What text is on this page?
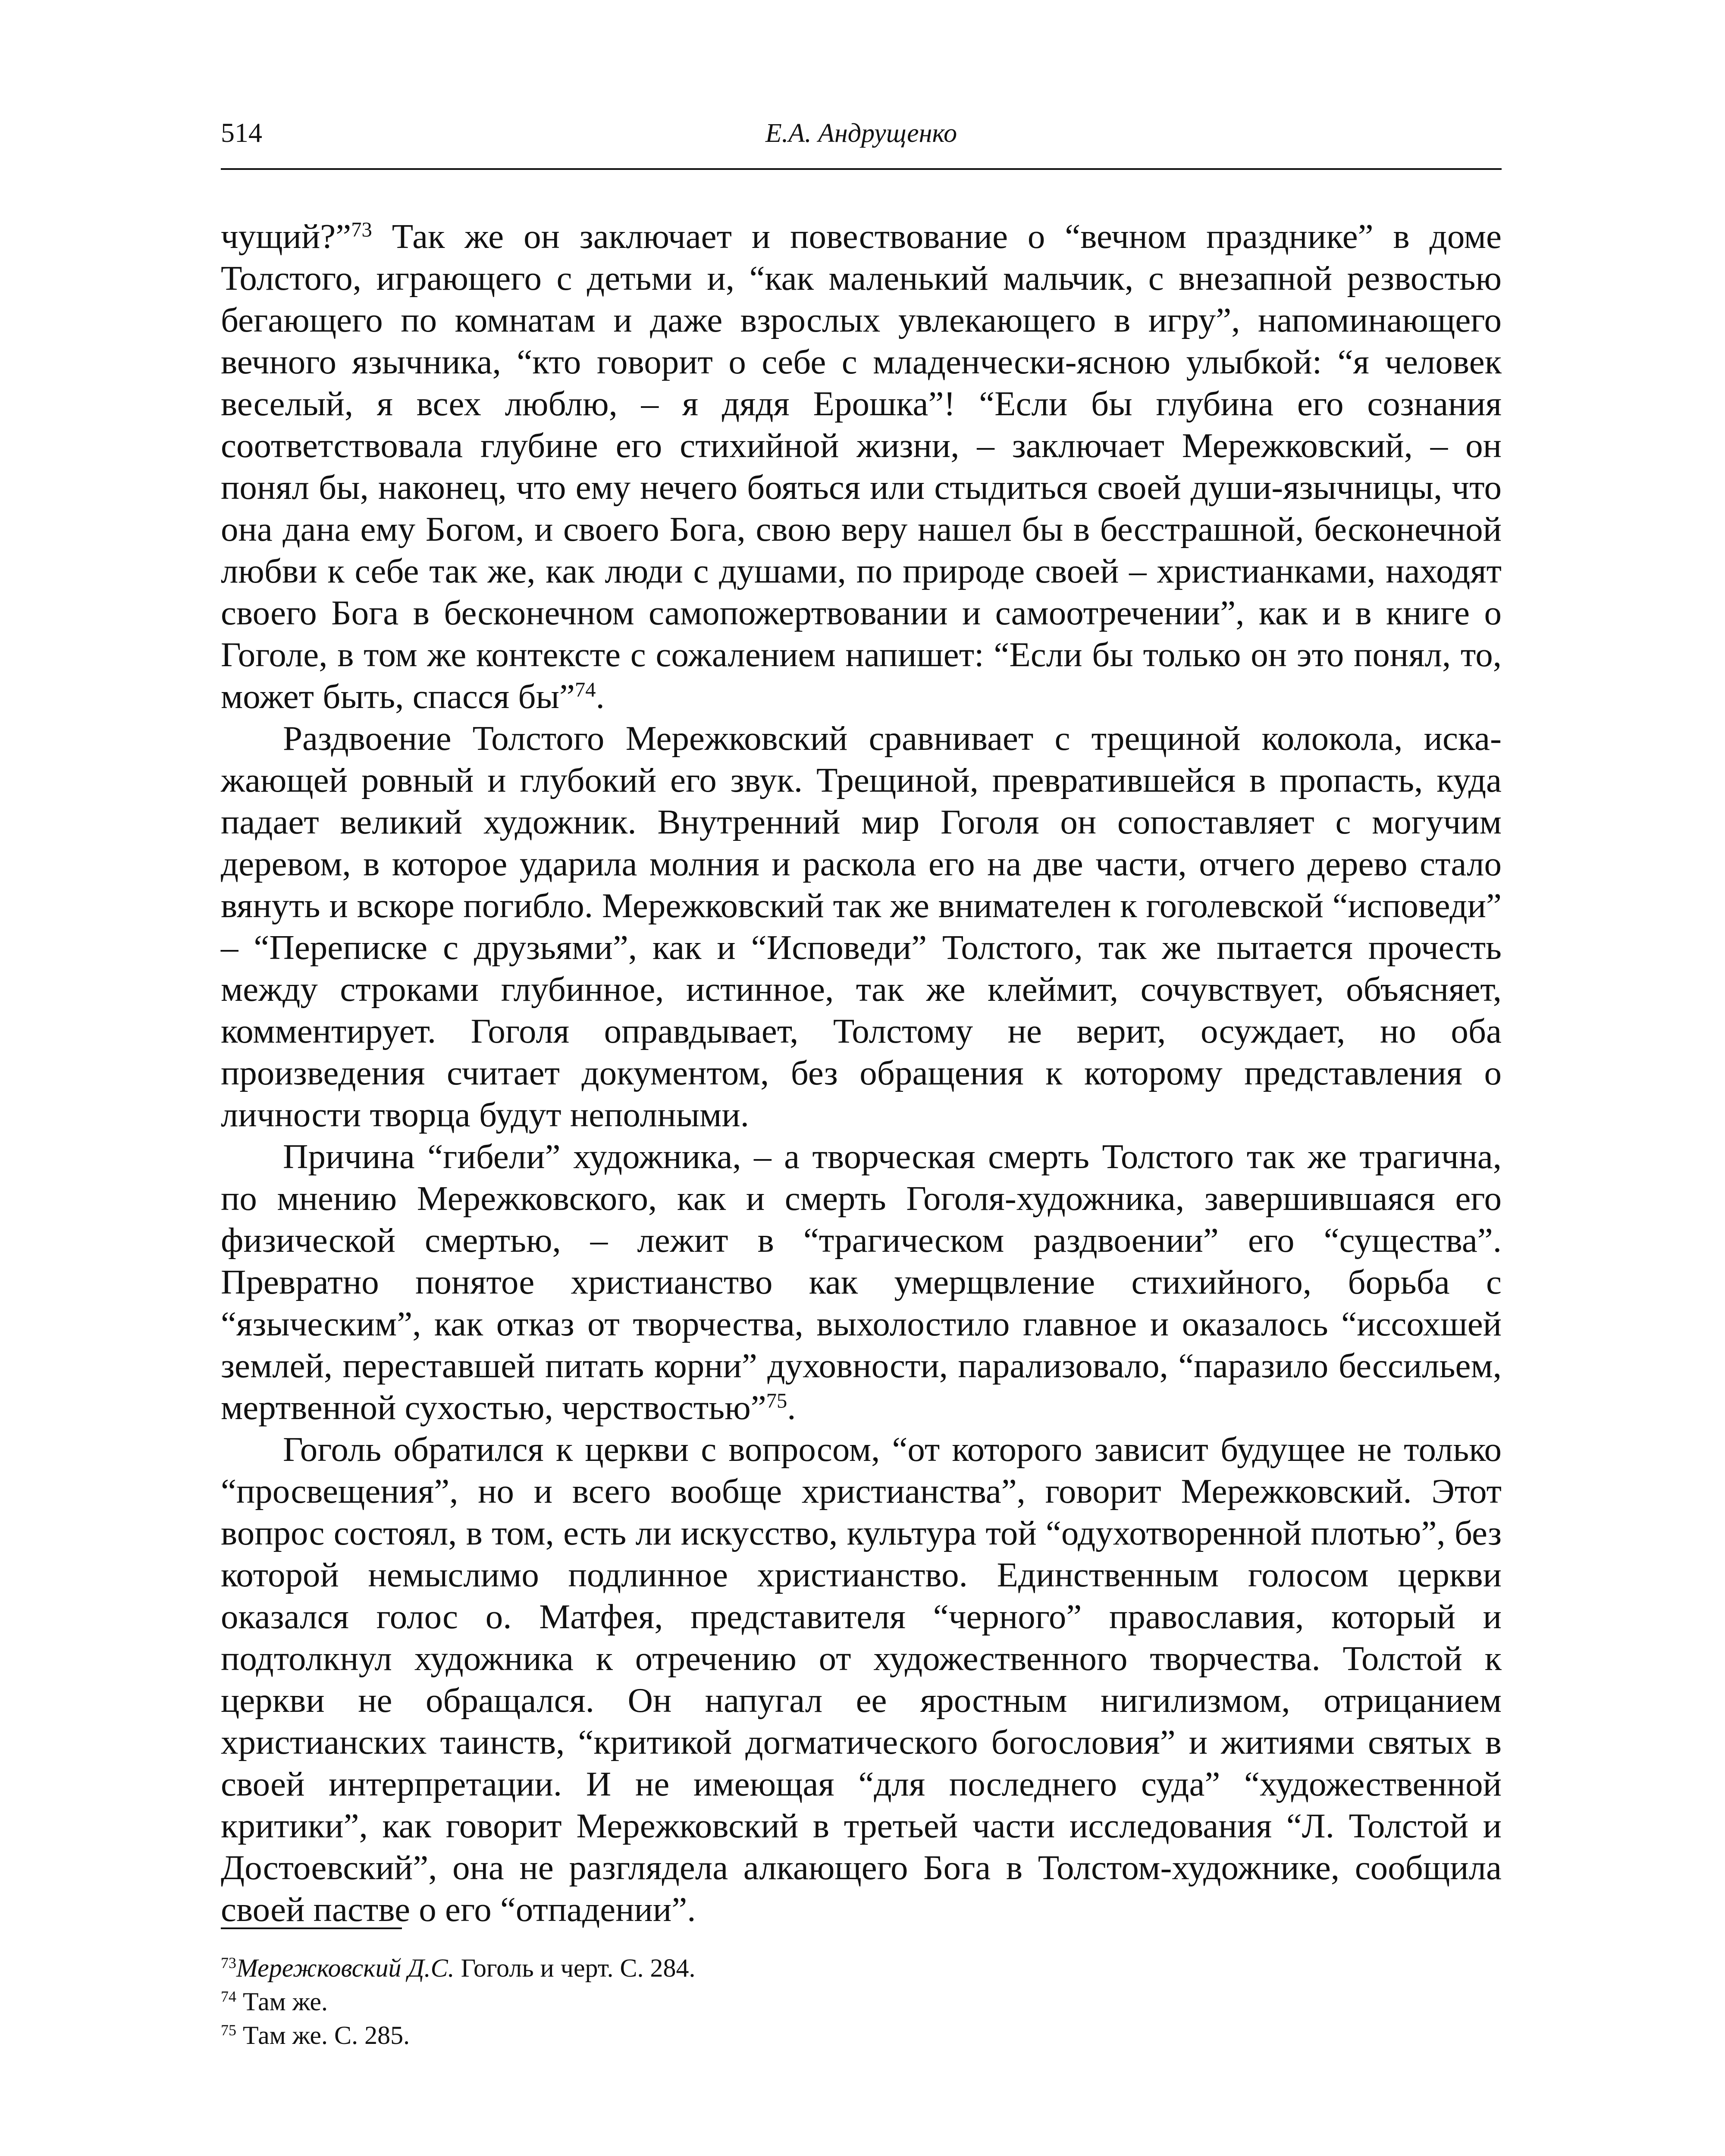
514	Е.А. Андрущенко

чущий?”$^{73}$ Так же он заключает и повествование о “вечном празднике” в доме Толстого, играющего с детьми и, “как маленький мальчик, с внезапной резвостью бегающего по комнатам и даже взрослых увлекающего в игру”, напоминающего вечного язычника, “кто говорит о себе с младенчески-ясною улыбкой: “я человек веселый, я всех люблю, – я дядя Ерошка”! “Если бы глубина его сознания соответствовала глубине его стихийной жизни, – заключает Мережковский, – он понял бы, наконец, что ему нечего бояться или стыдиться своей души-язычницы, что она дана ему Богом, и своего Бога, свою веру нашел бы в бесстрашной, бесконечной любви к себе так же, как люди с душами, по природе своей – христианками, находят своего Бога в бесконечном самопожертвовании и самоотречении”, как и в книге о Гоголе, в том же контексте с сожалением напишет: “Если бы только он это понял, то, может быть, спасся бы”$^{74}$.

Раздвоение Толстого Мережковский сравнивает с трещиной колокола, искажающей ровный и глубокий его звук. Трещиной, превратившейся в пропасть, куда падает великий художник. Внутренний мир Гоголя он сопоставляет с могучим деревом, в которое ударила молния и раскола его на две части, отчего дерево стало вянуть и вскоре погибло. Мережковский так же внимателен к гоголевской “исповеди” – “Переписке с друзьями”, как и “Исповеди” Толстого, так же пытается прочесть между строками глубинное, истинное, так же клеймит, сочувствует, объясняет, комментирует. Гоголя оправдывает, Толстому не верит, осуждает, но оба произведения считает документом, без обращения к которому представления о личности творца будут неполными.

Причина “гибели” художника, – а творческая смерть Толстого так же трагична, по мнению Мережковского, как и смерть Гоголя-художника, завершившаяся его физической смертью, – лежит в “трагическом раздвоении” его “существа”. Превратно понятое христианство как умерщвление стихийного, борьба с “языческим”, как отказ от творчества, выхолостило главное и оказалось “иссохшей землей, переставшей питать корни” духовности, парализовало, “паразило бессильем, мертвенной сухостью, черствостью”$^{75}$.

Гоголь обратился к церкви с вопросом, “от которого зависит будущее не только “просвещения”, но и всего вообще христианства”, говорит Мережковский. Этот вопрос состоял, в том, есть ли искусство, культура той “одухотворенной плотью”, без которой немыслимо подлинное христианство. Единственным голосом церкви оказался голос о. Матфея, представителя “черного” православия, который и подтолкнул художника к отречению от художественного творчества. Толстой к церкви не обращался. Он напугал ее яростным нигилизмом, отрицанием христианских таинств, “критикой догматического богословия” и житиями святых в своей интерпретации. И не имеющая “для последнего суда” “художественной критики”, как говорит Мережковский в третьей части исследования “Л. Толстой и Достоевский”, она не разглядела алкающего Бога в Толстом-художнике, сообщила своей пастве о его “отпадении”.

$^{73}$Мережковский Д.С. Гоголь и черт. С. 284.

$^{74}$ Там же.

$^{75}$ Там же. С. 285.
